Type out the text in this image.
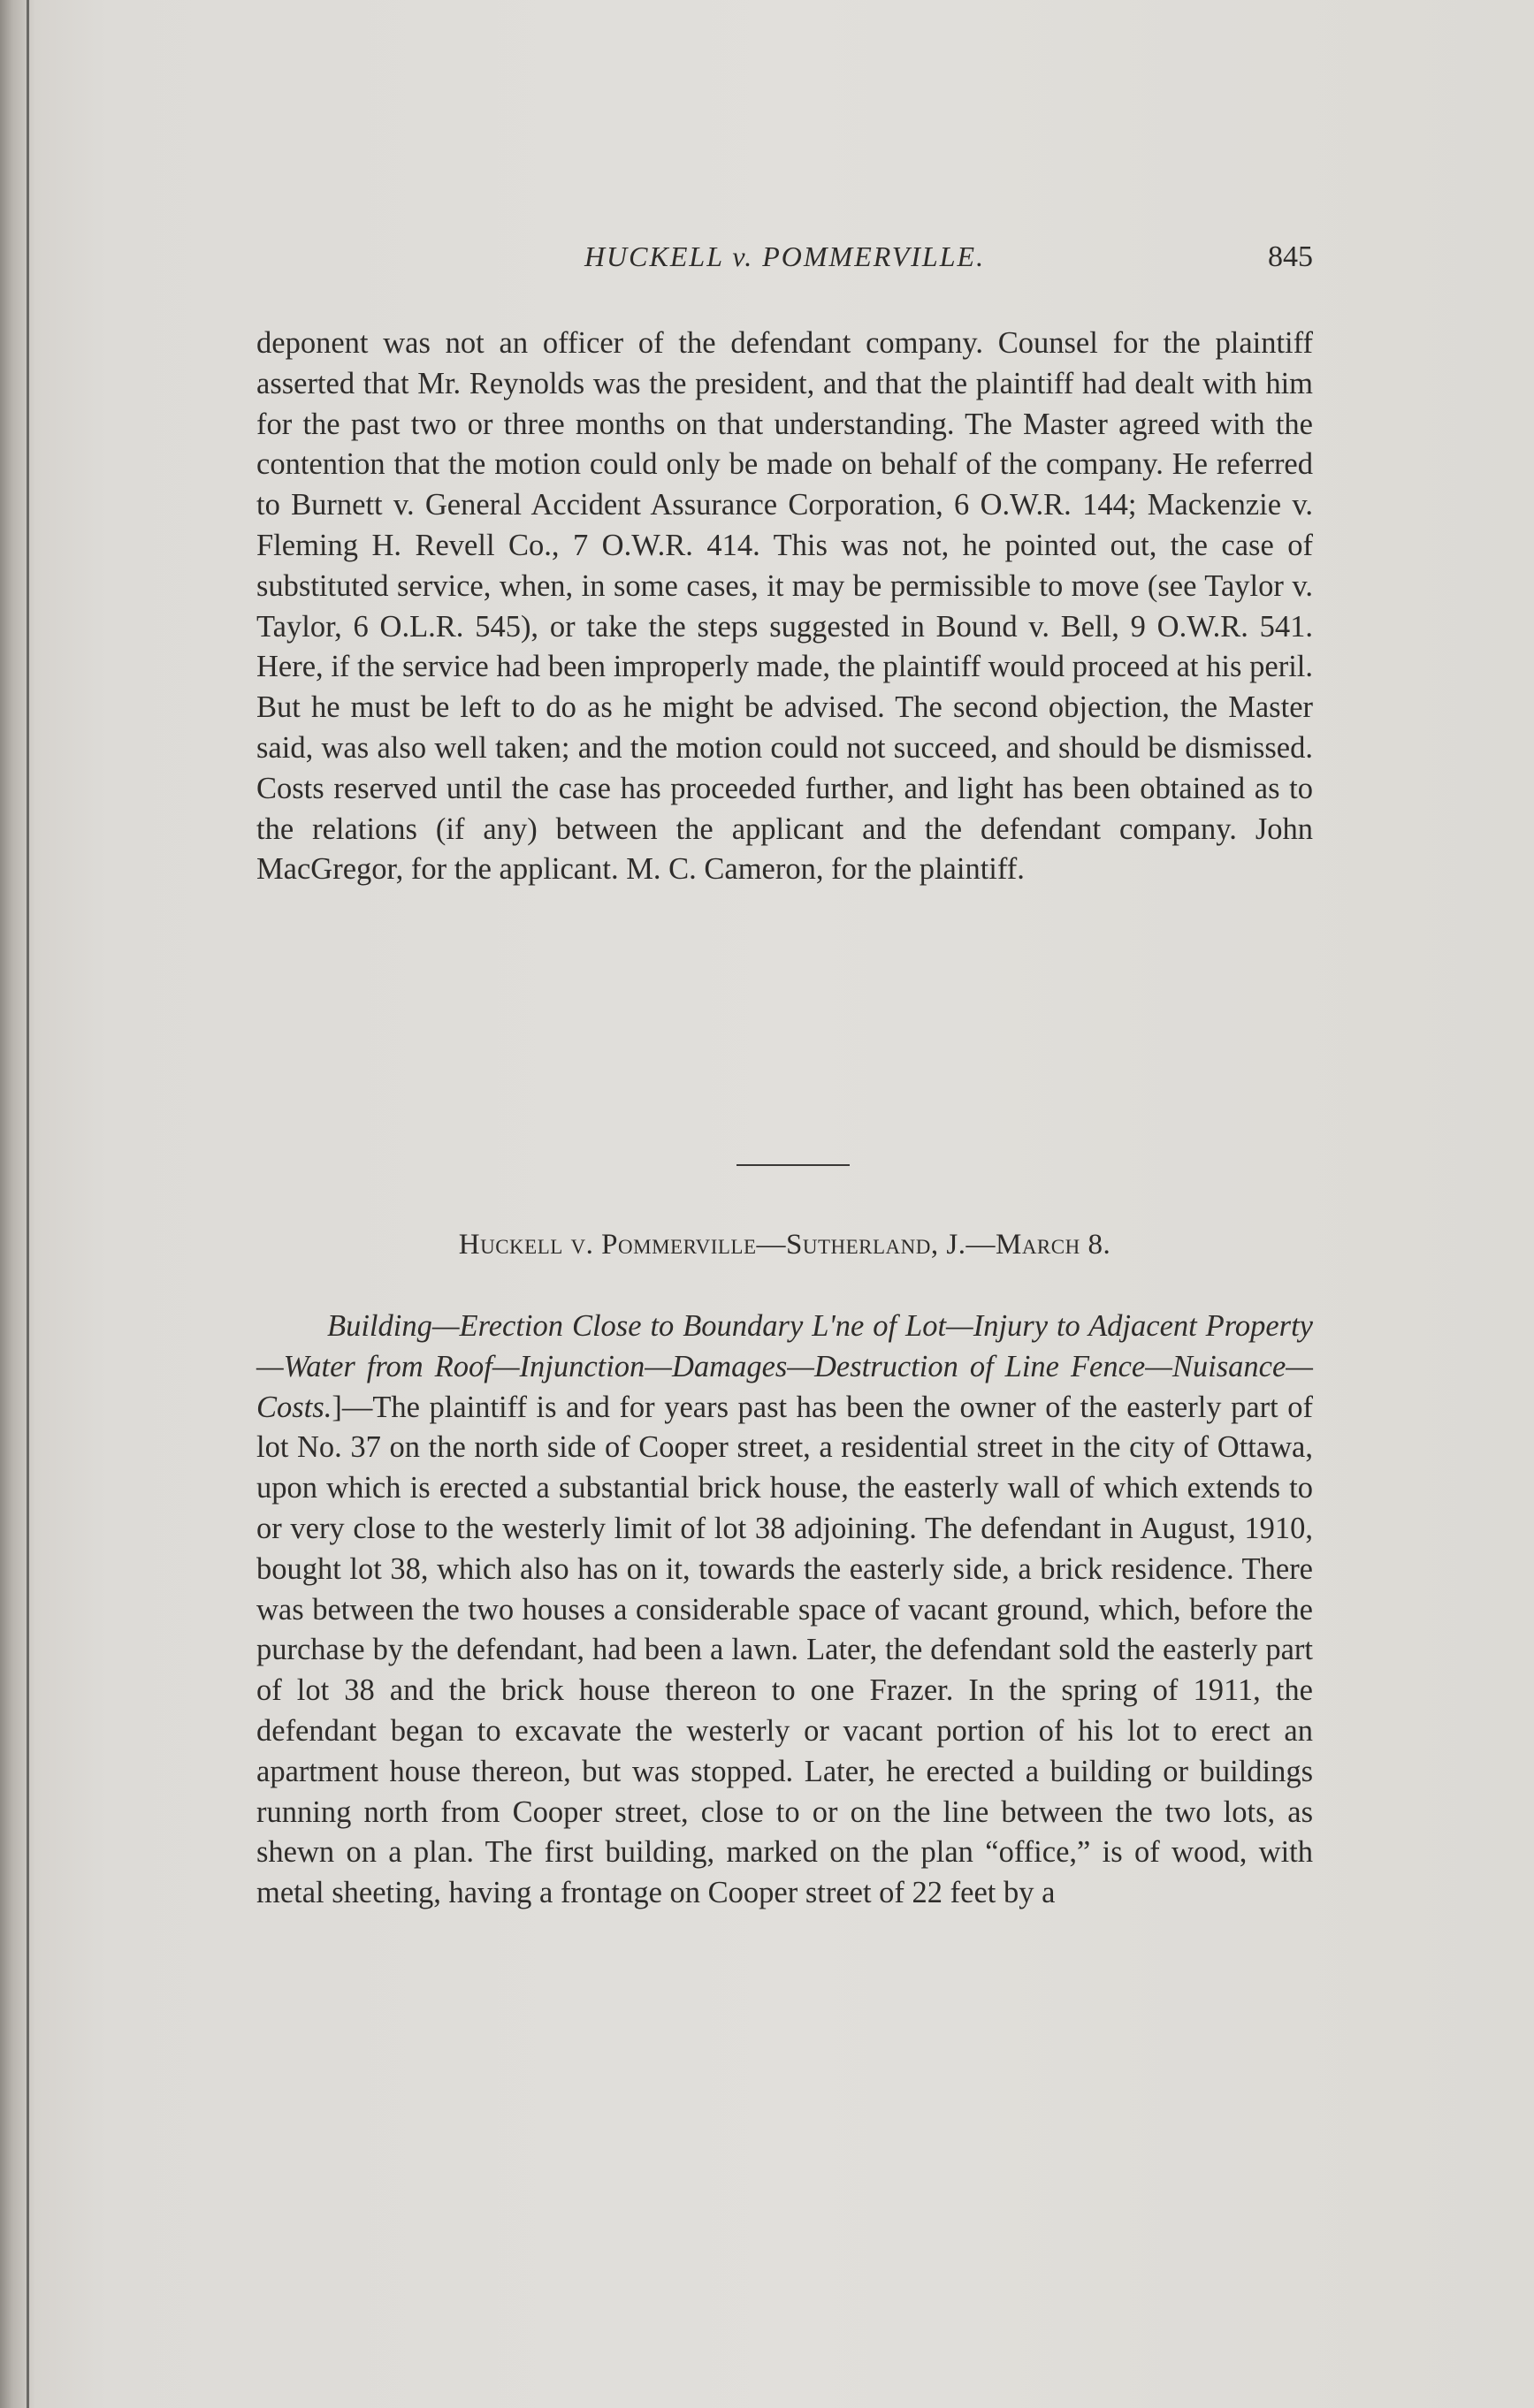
HUCKELL v. POMMERVILLE.	845

deponent was not an officer of the defendant company. Counsel for the plaintiff asserted that Mr. Reynolds was the president, and that the plaintiff had dealt with him for the past two or three months on that understanding. The Master agreed with the contention that the motion could only be made on behalf of the company. He referred to Burnett v. General Accident Assurance Corporation, 6 O.W.R. 144; Mackenzie v. Fleming H. Revell Co., 7 O.W.R. 414. This was not, he pointed out, the case of substituted service, when, in some cases, it may be permissible to move (see Taylor v. Taylor, 6 O.L.R. 545), or take the steps suggested in Bound v. Bell, 9 O.W.R. 541. Here, if the service had been improperly made, the plaintiff would proceed at his peril. But he must be left to do as he might be advised. The second objection, the Master said, was also well taken; and the motion could not succeed, and should be dismissed. Costs reserved until the case has proceeded further, and light has been obtained as to the relations (if any) between the applicant and the defendant company. John MacGregor, for the applicant. M. C. Cameron, for the plaintiff.

Huckell v. Pommerville—Sutherland, J.—March 8.

Building—Erection Close to Boundary L'ne of Lot—Injury to Adjacent Property—Water from Roof—Injunction—Damages—Destruction of Line Fence—Nuisance—Costs.]—The plaintiff is and for years past has been the owner of the easterly part of lot No. 37 on the north side of Cooper street, a residential street in the city of Ottawa, upon which is erected a substantial brick house, the easterly wall of which extends to or very close to the westerly limit of lot 38 adjoining. The defendant in August, 1910, bought lot 38, which also has on it, towards the easterly side, a brick residence. There was between the two houses a considerable space of vacant ground, which, before the purchase by the defendant, had been a lawn. Later, the defendant sold the easterly part of lot 38 and the brick house thereon to one Frazer. In the spring of 1911, the defendant began to excavate the westerly or vacant portion of his lot to erect an apartment house thereon, but was stopped. Later, he erected a building or buildings running north from Cooper street, close to or on the line between the two lots, as shewn on a plan. The first building, marked on the plan “office,” is of wood, with metal sheeting, having a frontage on Cooper street of 22 feet by a
